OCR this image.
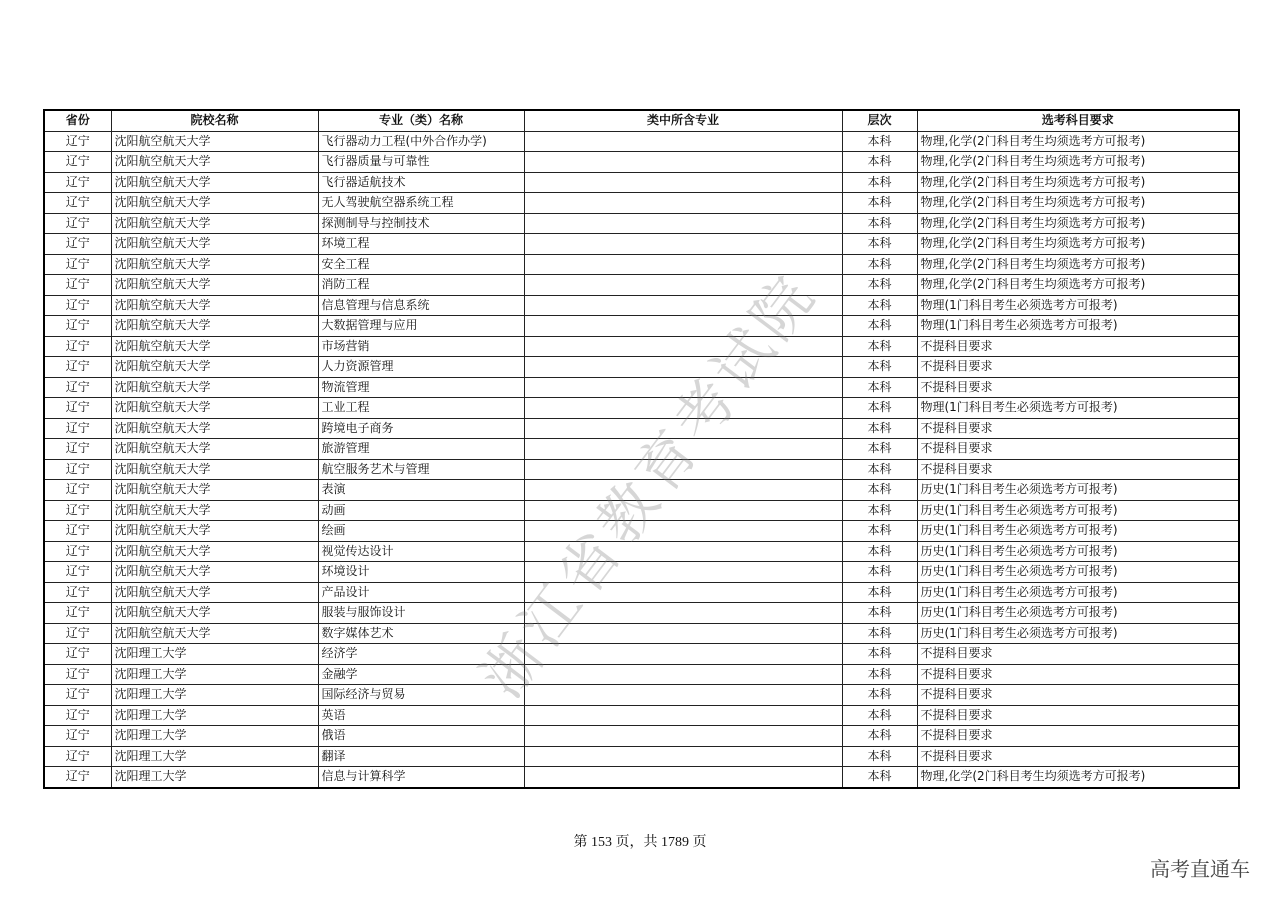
省份	院校名称	专业（类）名称	类中所含专业	层次	选考科目要求
辽宁	沈阳航空航天大学	飞行器动力工程(中外合作办学)		本科	物理,化学(2门科目考生均须选考方可报考)
辽宁	沈阳航空航天大学	飞行器质量与可靠性		本科	物理,化学(2门科目考生均须选考方可报考)
辽宁	沈阳航空航天大学	飞行器适航技术		本科	物理,化学(2门科目考生均须选考方可报考)
辽宁	沈阳航空航天大学	无人驾驶航空器系统工程		本科	物理,化学(2门科目考生均须选考方可报考)
辽宁	沈阳航空航天大学	探测制导与控制技术		本科	物理,化学(2门科目考生均须选考方可报考)
辽宁	沈阳航空航天大学	环境工程		本科	物理,化学(2门科目考生均须选考方可报考)
辽宁	沈阳航空航天大学	安全工程		本科	物理,化学(2门科目考生均须选考方可报考)
辽宁	沈阳航空航天大学	消防工程		本科	物理,化学(2门科目考生均须选考方可报考)
辽宁	沈阳航空航天大学	信息管理与信息系统		本科	物理(1门科目考生必须选考方可报考)
辽宁	沈阳航空航天大学	大数据管理与应用		本科	物理(1门科目考生必须选考方可报考)
辽宁	沈阳航空航天大学	市场营销		本科	不提科目要求
辽宁	沈阳航空航天大学	人力资源管理		本科	不提科目要求
辽宁	沈阳航空航天大学	物流管理		本科	不提科目要求
辽宁	沈阳航空航天大学	工业工程		本科	物理(1门科目考生必须选考方可报考)
辽宁	沈阳航空航天大学	跨境电子商务		本科	不提科目要求
辽宁	沈阳航空航天大学	旅游管理		本科	不提科目要求
辽宁	沈阳航空航天大学	航空服务艺术与管理		本科	不提科目要求
辽宁	沈阳航空航天大学	表演		本科	历史(1门科目考生必须选考方可报考)
辽宁	沈阳航空航天大学	动画		本科	历史(1门科目考生必须选考方可报考)
辽宁	沈阳航空航天大学	绘画		本科	历史(1门科目考生必须选考方可报考)
辽宁	沈阳航空航天大学	视觉传达设计		本科	历史(1门科目考生必须选考方可报考)
辽宁	沈阳航空航天大学	环境设计		本科	历史(1门科目考生必须选考方可报考)
辽宁	沈阳航空航天大学	产品设计		本科	历史(1门科目考生必须选考方可报考)
辽宁	沈阳航空航天大学	服装与服饰设计		本科	历史(1门科目考生必须选考方可报考)
辽宁	沈阳航空航天大学	数字媒体艺术		本科	历史(1门科目考生必须选考方可报考)
辽宁	沈阳理工大学	经济学		本科	不提科目要求
辽宁	沈阳理工大学	金融学		本科	不提科目要求
辽宁	沈阳理工大学	国际经济与贸易		本科	不提科目要求
辽宁	沈阳理工大学	英语		本科	不提科目要求
辽宁	沈阳理工大学	俄语		本科	不提科目要求
辽宁	沈阳理工大学	翻译		本科	不提科目要求
辽宁	沈阳理工大学	信息与计算科学		本科	物理,化学(2门科目考生均须选考方可报考)
浙江省教育考试院
第 153 页，共 1789 页
高考直通车
